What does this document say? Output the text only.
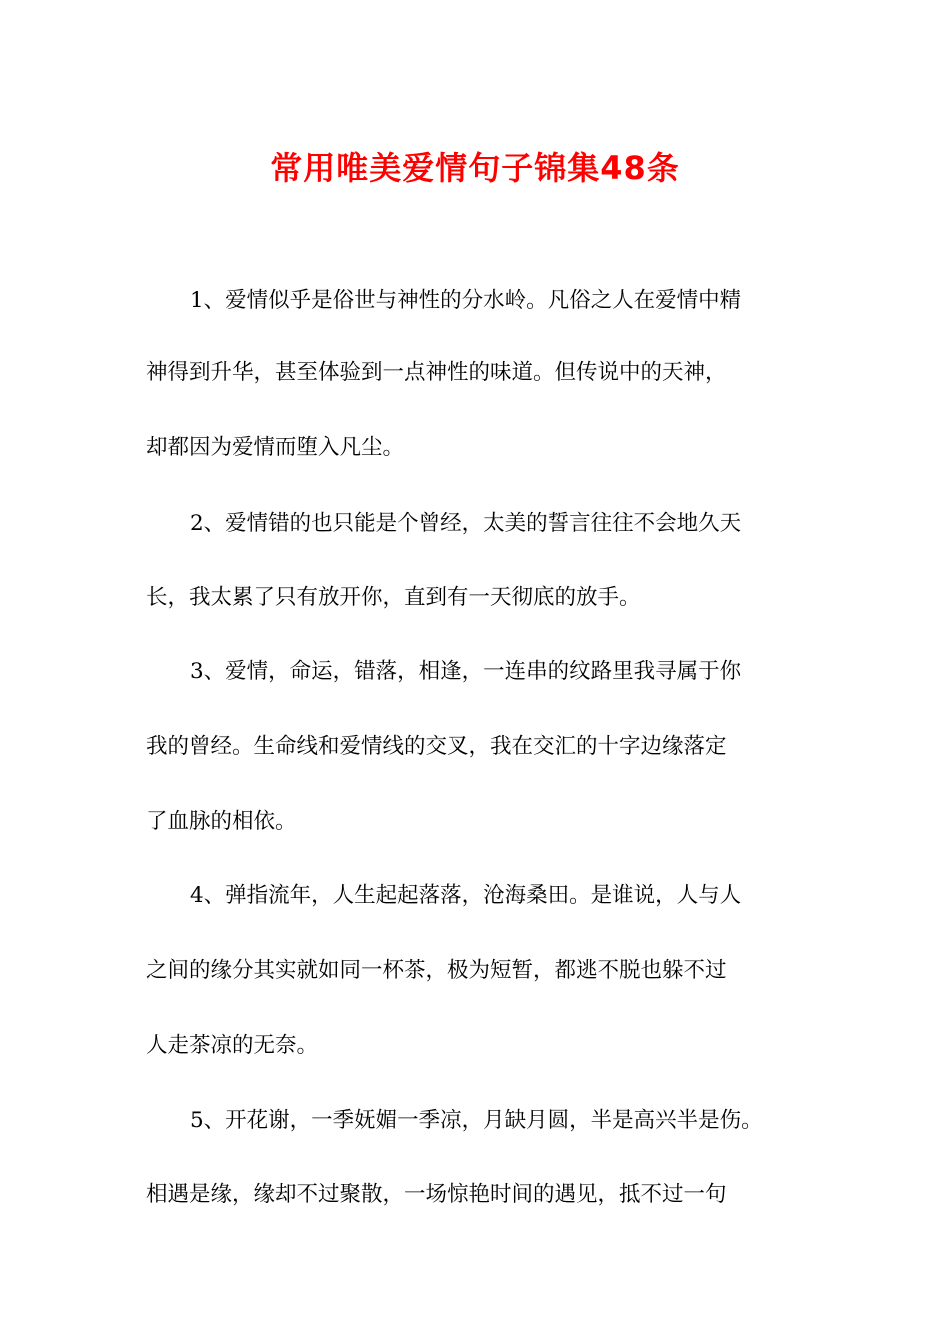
常用唯美爱情句子锦集48条
1、爱情似乎是俗世与神性的分水岭。凡俗之人在爱情中精
神得到升华，甚至体验到一点神性的味道。但传说中的天神，
却都因为爱情而堕入凡尘。
2、爱情错的也只能是个曾经，太美的誓言往往不会地久天
长，我太累了只有放开你，直到有一天彻底的放手。
3、爱情，命运，错落，相逢，一连串的纹路里我寻属于你
我的曾经。生命线和爱情线的交叉，我在交汇的十字边缘落定
了血脉的相依。
4、弹指流年，人生起起落落，沧海桑田。是谁说，人与人
之间的缘分其实就如同一杯茶，极为短暂，都逃不脱也躲不过
人走茶凉的无奈。
5、开花谢，一季妩媚一季凉，月缺月圆，半是高兴半是伤。
相遇是缘，缘却不过聚散，一场惊艳时间的遇见，抵不过一句
